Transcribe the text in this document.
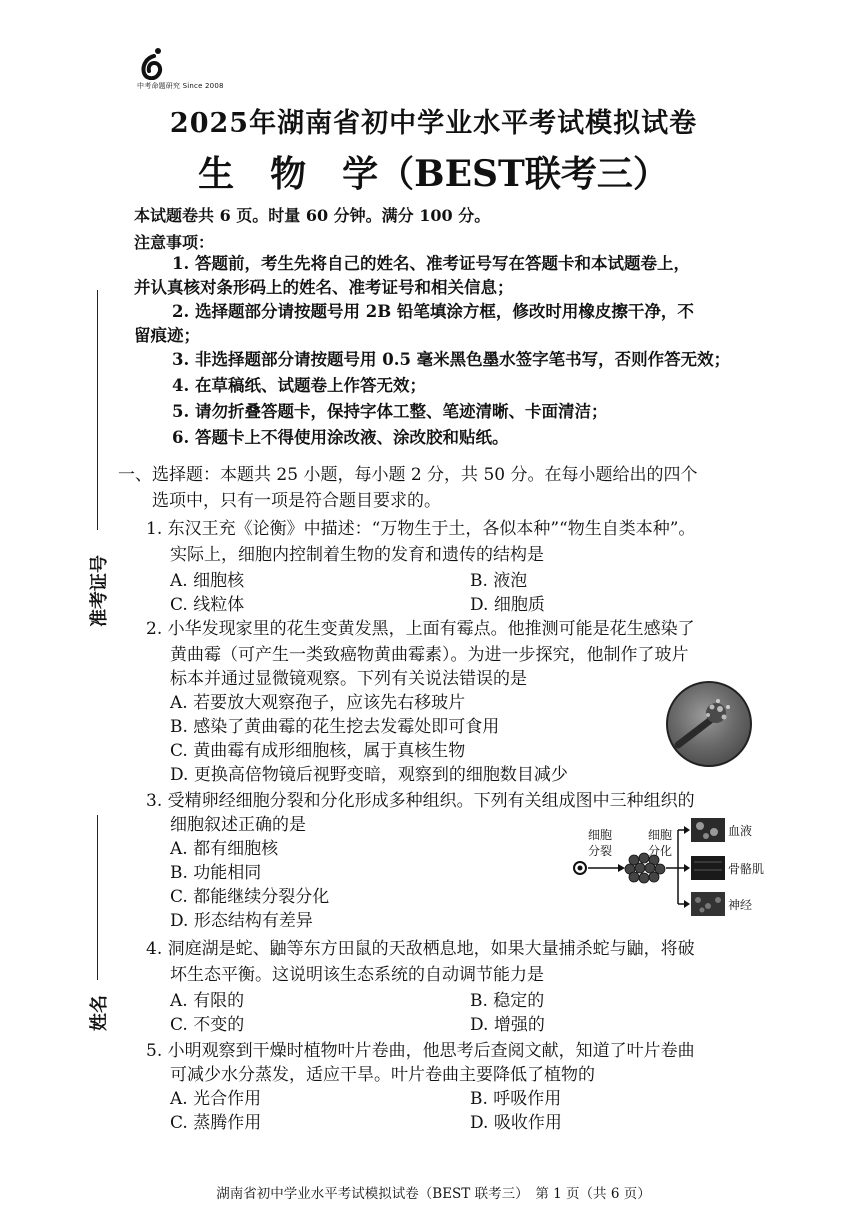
中考命题研究 Since 2008
2025年湖南省初中学业水平考试模拟试卷
生　物　学（BEST联考三）
本试题卷共 6 页。时量 60 分钟。满分 100 分。
注意事项：
1. 答题前，考生先将自己的姓名、准考证号写在答题卡和本试题卷上，
并认真核对条形码上的姓名、准考证号和相关信息；
2. 选择题部分请按题号用 2B 铅笔填涂方框，修改时用橡皮擦干净，不
留痕迹；
3. 非选择题部分请按题号用 0.5 毫米黑色墨水签字笔书写，否则作答无效；
4. 在草稿纸、试题卷上作答无效；
5. 请勿折叠答题卡，保持字体工整、笔迹清晰、卡面清洁；
6. 答题卡上不得使用涂改液、涂改胶和贴纸。
一、选择题：本题共 25 小题，每小题 2 分，共 50 分。在每小题给出的四个
选项中，只有一项是符合题目要求的。
1. 东汉王充《论衡》中描述：“万物生于土，各似本种”“物生自类本种”。
实际上，细胞内控制着生物的发育和遗传的结构是
A. 细胞核	B. 液泡
C. 线粒体	D. 细胞质
2. 小华发现家里的花生变黄发黑，上面有霉点。他推测可能是花生感染了
黄曲霉（可产生一类致癌物黄曲霉素）。为进一步探究，他制作了玻片
标本并通过显微镜观察。下列有关说法错误的是
A. 若要放大观察孢子，应该先右移玻片
B. 感染了黄曲霉的花生挖去发霉处即可食用
C. 黄曲霉有成形细胞核，属于真核生物
D. 更换高倍物镜后视野变暗，观察到的细胞数目减少
3. 受精卵经细胞分裂和分化形成多种组织。下列有关组成图中三种组织的
细胞叙述正确的是
A. 都有细胞核
B. 功能相同
C. 都能继续分裂分化
D. 形态结构有差异
细胞
分裂
细胞
分化
血液
骨骼肌
神经
4. 洞庭湖是蛇、鼬等东方田鼠的天敌栖息地，如果大量捕杀蛇与鼬，将破
坏生态平衡。这说明该生态系统的自动调节能力是
A. 有限的	B. 稳定的
C. 不变的	D. 增强的
5. 小明观察到干燥时植物叶片卷曲，他思考后查阅文献，知道了叶片卷曲
可减少水分蒸发，适应干旱。叶片卷曲主要降低了植物的
A. 光合作用	B. 呼吸作用
C. 蒸腾作用	D. 吸收作用
准考证号
姓名
湖南省初中学业水平考试模拟试卷（BEST 联考三）　第 1 页（共 6 页）
